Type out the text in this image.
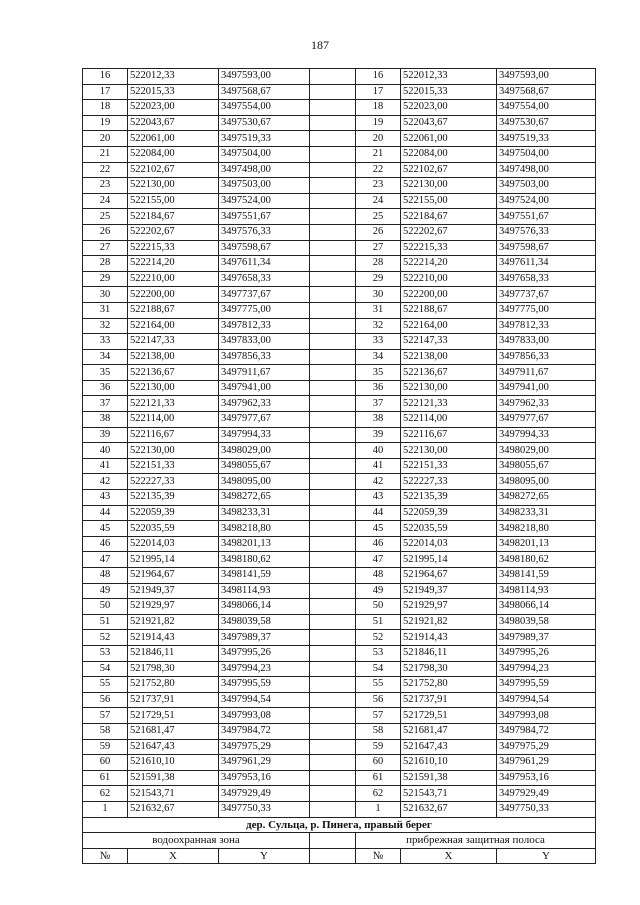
187
16	522012,33	3497593,00		16	522012,33	3497593,00
17	522015,33	3497568,67		17	522015,33	3497568,67
18	522023,00	3497554,00		18	522023,00	3497554,00
19	522043,67	3497530,67		19	522043,67	3497530,67
20	522061,00	3497519,33		20	522061,00	3497519,33
21	522084,00	3497504,00		21	522084,00	3497504,00
22	522102,67	3497498,00		22	522102,67	3497498,00
23	522130,00	3497503,00		23	522130,00	3497503,00
24	522155,00	3497524,00		24	522155,00	3497524,00
25	522184,67	3497551,67		25	522184,67	3497551,67
26	522202,67	3497576,33		26	522202,67	3497576,33
27	522215,33	3497598,67		27	522215,33	3497598,67
28	522214,20	3497611,34		28	522214,20	3497611,34
29	522210,00	3497658,33		29	522210,00	3497658,33
30	522200,00	3497737,67		30	522200,00	3497737,67
31	522188,67	3497775,00		31	522188,67	3497775,00
32	522164,00	3497812,33		32	522164,00	3497812,33
33	522147,33	3497833,00		33	522147,33	3497833,00
34	522138,00	3497856,33		34	522138,00	3497856,33
35	522136,67	3497911,67		35	522136,67	3497911,67
36	522130,00	3497941,00		36	522130,00	3497941,00
37	522121,33	3497962,33		37	522121,33	3497962,33
38	522114,00	3497977,67		38	522114,00	3497977,67
39	522116,67	3497994,33		39	522116,67	3497994,33
40	522130,00	3498029,00		40	522130,00	3498029,00
41	522151,33	3498055,67		41	522151,33	3498055,67
42	522227,33	3498095,00		42	522227,33	3498095,00
43	522135,39	3498272,65		43	522135,39	3498272,65
44	522059,39	3498233,31		44	522059,39	3498233,31
45	522035,59	3498218,80		45	522035,59	3498218,80
46	522014,03	3498201,13		46	522014,03	3498201,13
47	521995,14	3498180,62		47	521995,14	3498180,62
48	521964,67	3498141,59		48	521964,67	3498141,59
49	521949,37	3498114,93		49	521949,37	3498114,93
50	521929,97	3498066,14		50	521929,97	3498066,14
51	521921,82	3498039,58		51	521921,82	3498039,58
52	521914,43	3497989,37		52	521914,43	3497989,37
53	521846,11	3497995,26		53	521846,11	3497995,26
54	521798,30	3497994,23		54	521798,30	3497994,23
55	521752,80	3497995,59		55	521752,80	3497995,59
56	521737,91	3497994,54		56	521737,91	3497994,54
57	521729,51	3497993,08		57	521729,51	3497993,08
58	521681,47	3497984,72		58	521681,47	3497984,72
59	521647,43	3497975,29		59	521647,43	3497975,29
60	521610,10	3497961,29		60	521610,10	3497961,29
61	521591,38	3497953,16		61	521591,38	3497953,16
62	521543,71	3497929,49		62	521543,71	3497929,49
1	521632,67	3497750,33		1	521632,67	3497750,33
дер. Сульца, р. Пинега, правый берег						
водоохранная зона				прибрежная защитная полоса		
№	X	Y		№	X	Y
